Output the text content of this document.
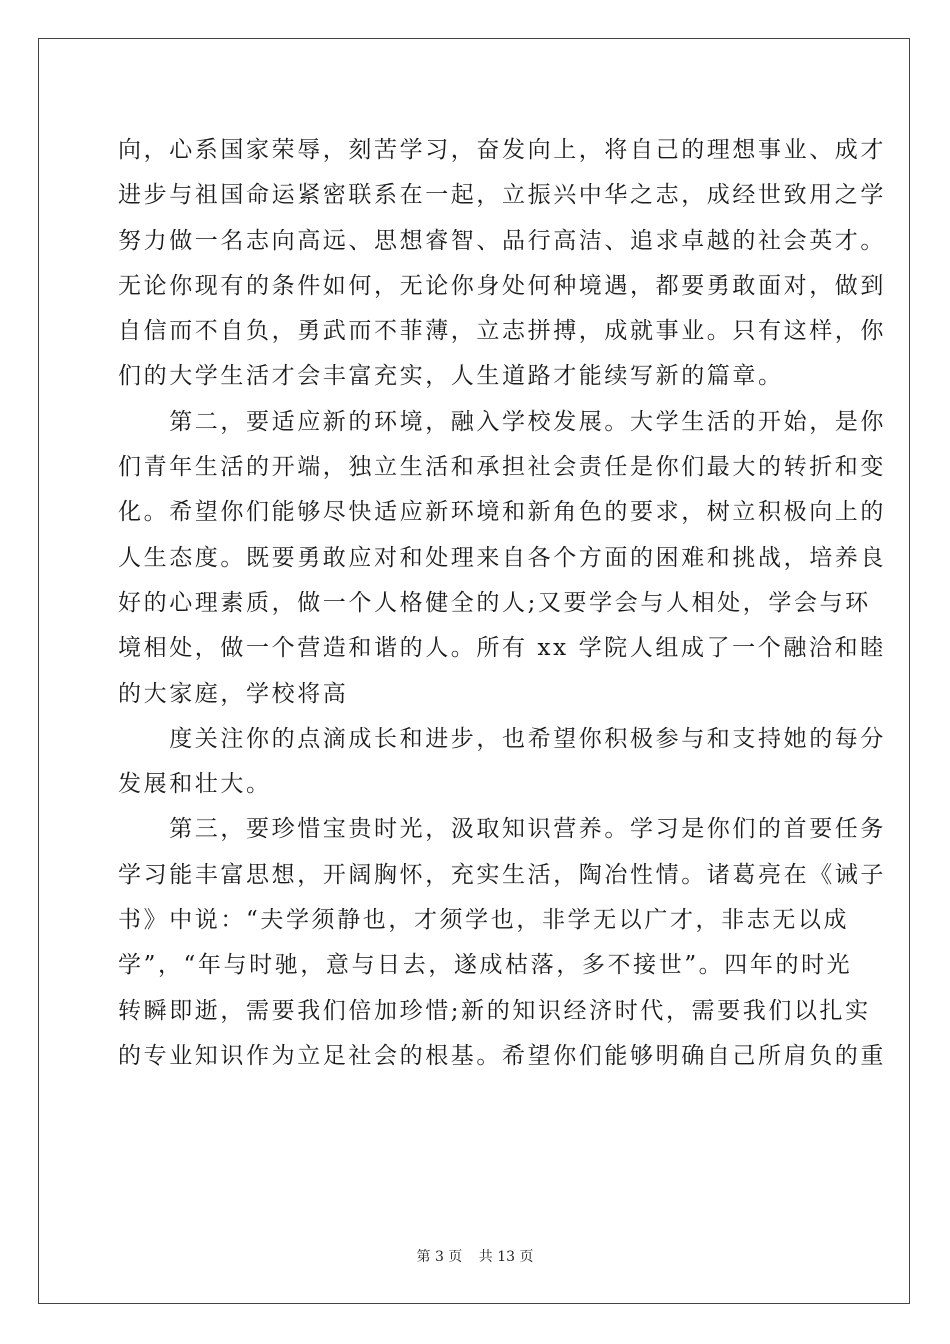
向，心系国家荣辱，刻苦学习，奋发向上，将自己的理想事业、成才
进步与祖国命运紧密联系在一起，立振兴中华之志，成经世致用之学
努力做一名志向高远、思想睿智、品行高洁、追求卓越的社会英才。
无论你现有的条件如何，无论你身处何种境遇，都要勇敢面对，做到
自信而不自负，勇武而不菲薄，立志拼搏，成就事业。只有这样，你
们的大学生活才会丰富充实，人生道路才能续写新的篇章。
　　第二，要适应新的环境，融入学校发展。大学生活的开始，是你
们青年生活的开端，独立生活和承担社会责任是你们最大的转折和变
化。希望你们能够尽快适应新环境和新角色的要求，树立积极向上的
人生态度。既要勇敢应对和处理来自各个方面的困难和挑战，培养良
好的心理素质，做一个人格健全的人;又要学会与人相处，学会与环
境相处，做一个营造和谐的人。所有 xx 学院人组成了一个融洽和睦
的大家庭，学校将高
　　度关注你的点滴成长和进步，也希望你积极参与和支持她的每分
发展和壮大。
　　第三，要珍惜宝贵时光，汲取知识营养。学习是你们的首要任务
学习能丰富思想，开阔胸怀，充实生活，陶冶性情。诸葛亮在《诫子
书》中说：“夫学须静也，才须学也，非学无以广才，非志无以成
学”，“年与时驰，意与日去，遂成枯落，多不接世”。四年的时光
转瞬即逝，需要我们倍加珍惜;新的知识经济时代，需要我们以扎实
的专业知识作为立足社会的根基。希望你们能够明确自己所肩负的重
第 3 页 共 13 页
